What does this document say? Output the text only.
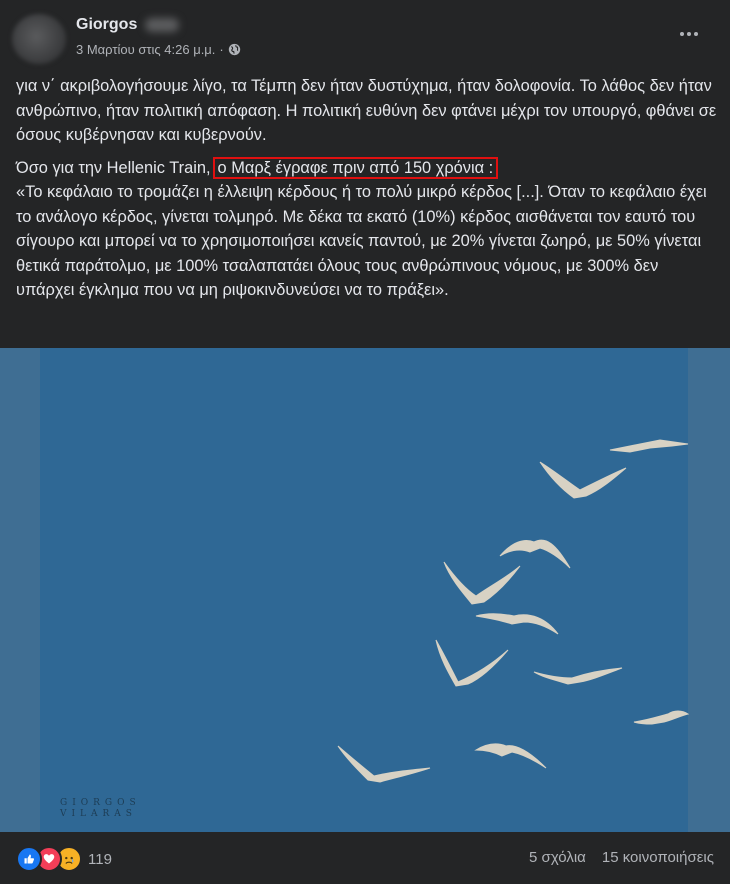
Giorgos
3 Μαρτίου στις 4:26 μ.μ. ·

για ν΄ ακριβολογήσουμε λίγο, τα Τέμπη δεν ήταν δυστύχημα, ήταν δολοφονία. Το λάθος δεν ήταν ανθρώπινο, ήταν πολιτική απόφαση. Η πολιτική ευθύνη δεν φτάνει μέχρι τον υπουργό, φθάνει σε όσους κυβέρνησαν και κυβερνούν.

Όσο για την Hellenic Train, ο Μαρξ έγραφε πριν από 150 χρόνια :
«Το κεφάλαιο το τρομάζει η έλλειψη κέρδους ή το πολύ μικρό κέρδος [...]. Όταν το κεφάλαιο έχει το ανάλογο κέρδος, γίνεται τολμηρό. Με δέκα τα εκατό (10%) κέρδος αισθάνεται τον εαυτό του σίγουρο και μπορεί να το χρησιμοποιήσει κανείς παντού, με 20% γίνεται ζωηρό, με 50% γίνεται θετικά παράτολμο, με 100% τσαλαπατάει όλους τους ανθρώπινους νόμους, με 300% δεν υπάρχει έγκλημα που να μη ριψοκινδυνεύσει να το πράξει».

GIORGOS
VILARAS
119	5 σχόλια 15 κοινοποιήσεις
